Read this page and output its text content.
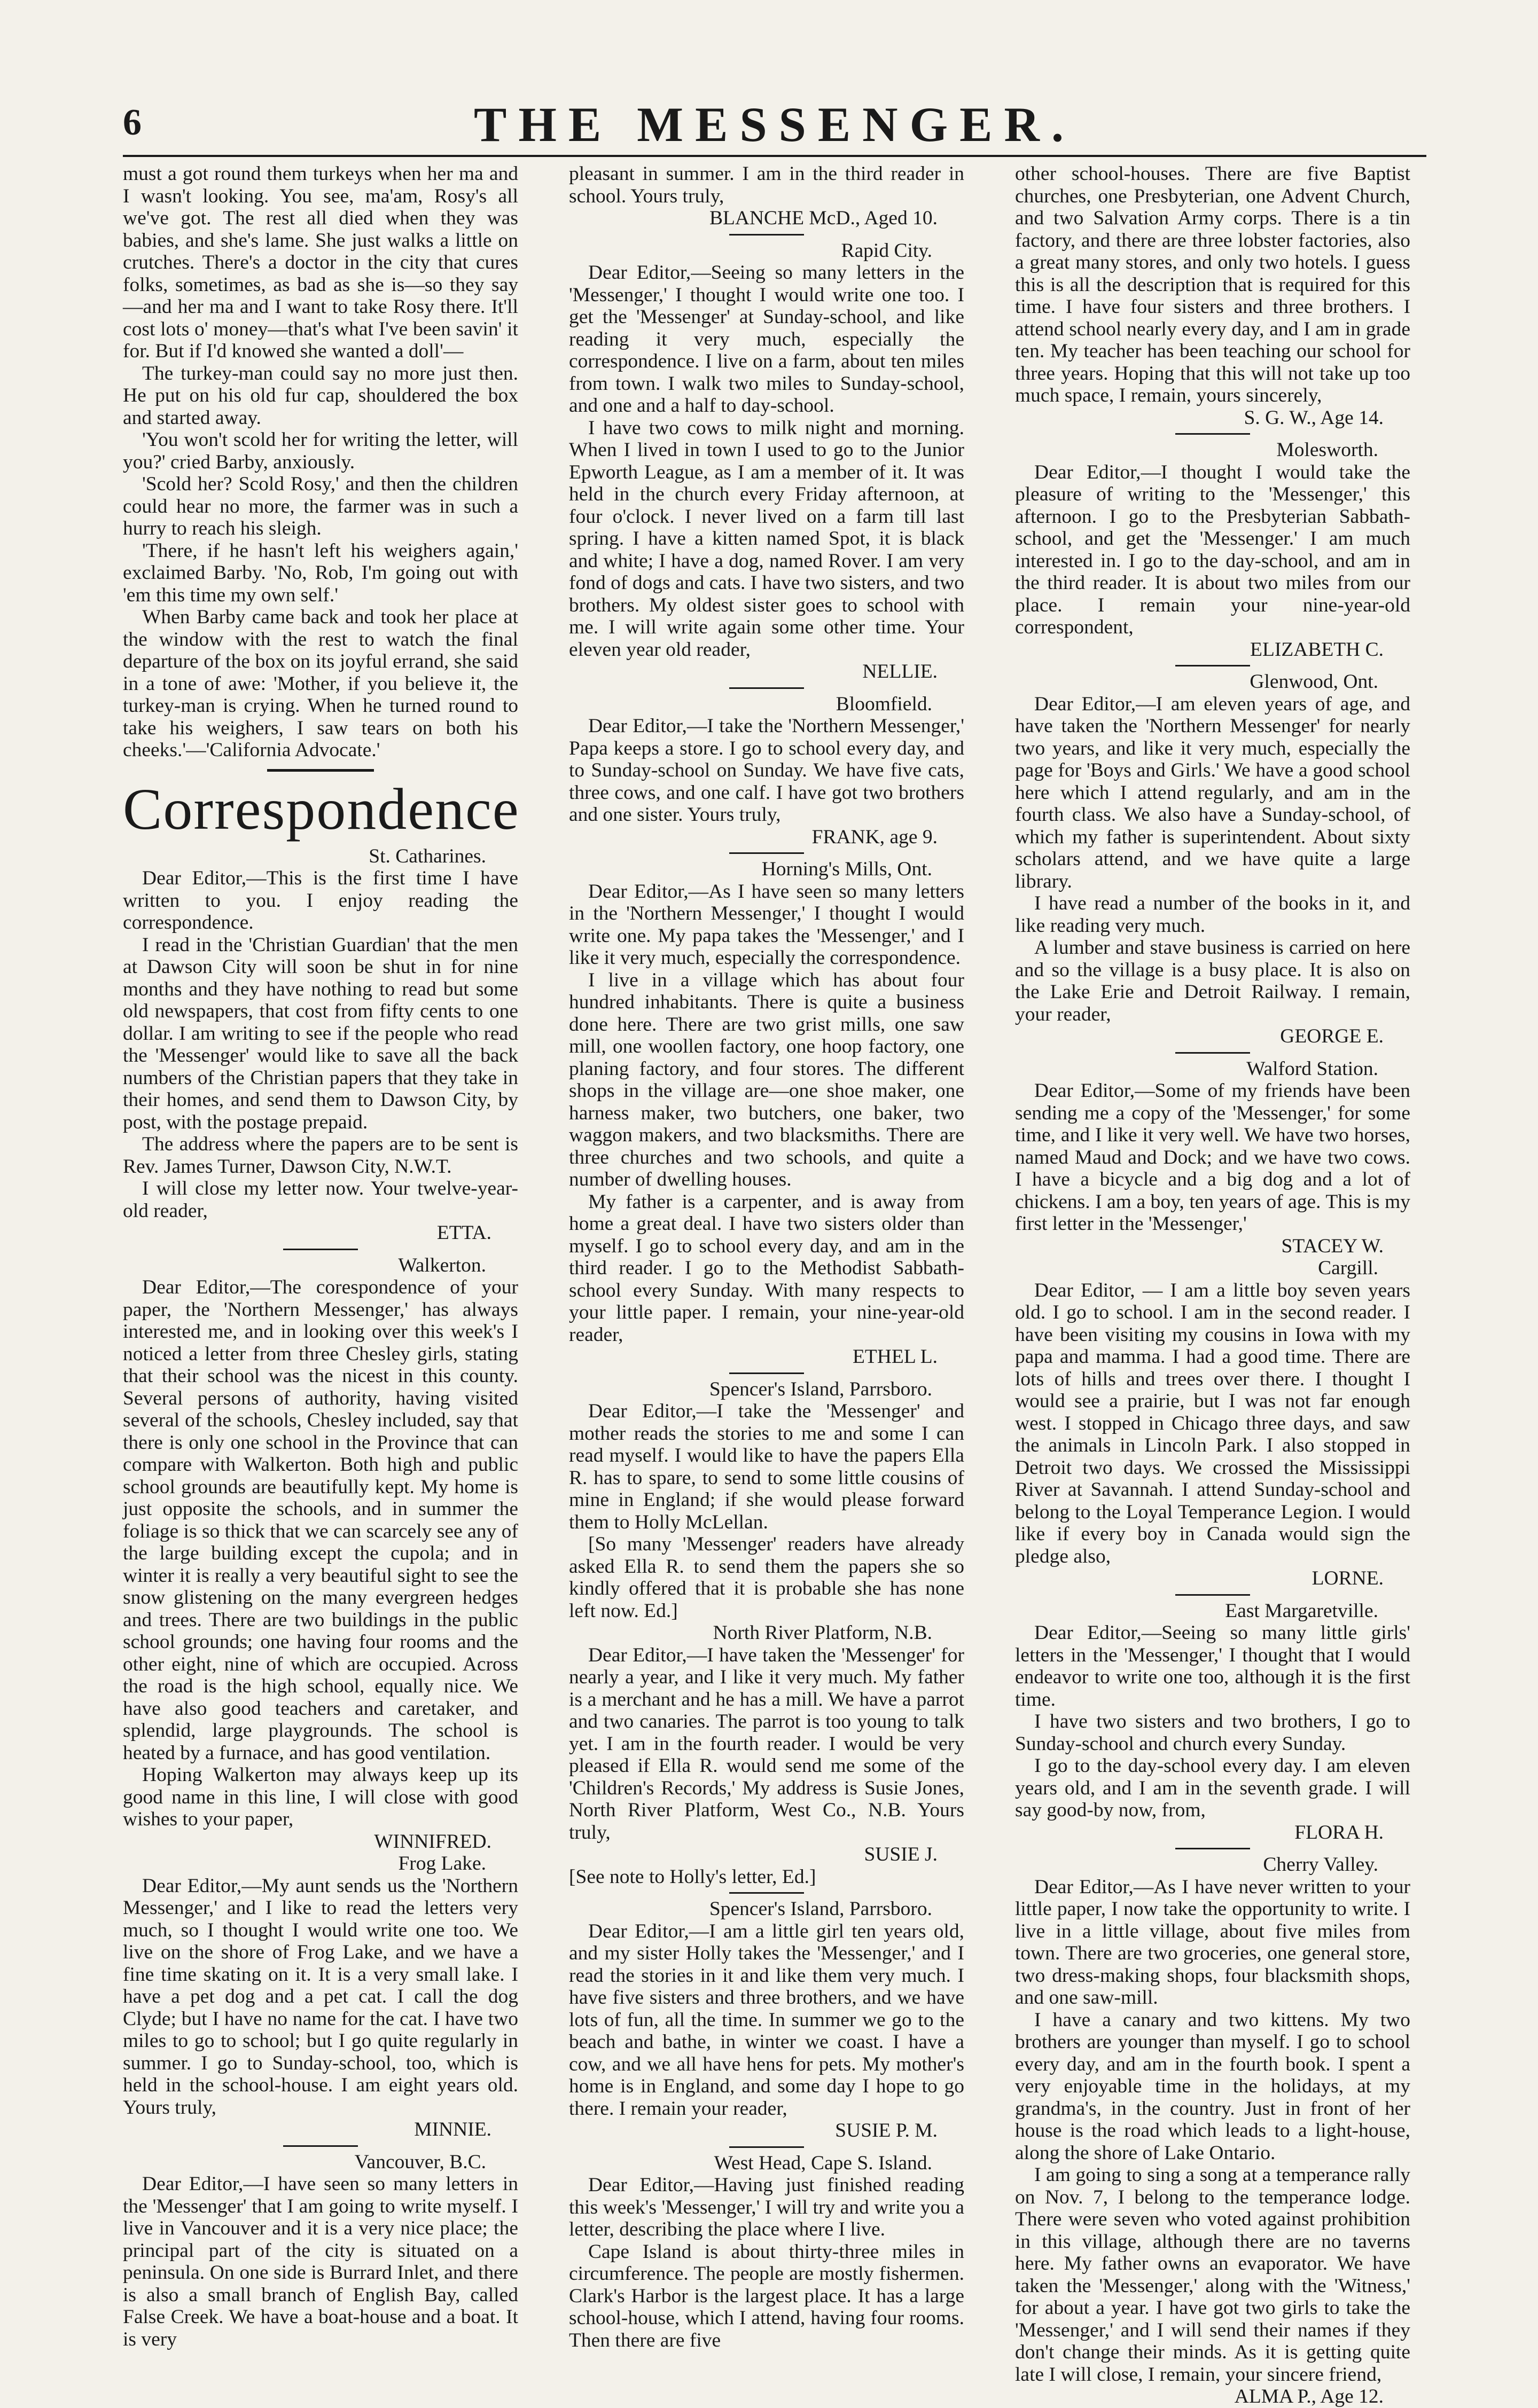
6	THE MESSENGER.

must a got round them turkeys when her ma and I wasn't looking. You see, ma'am, Rosy's all we've got. The rest all died when they was babies, and she's lame. She just walks a little on crutches. There's a doctor in the city that cures folks, sometimes, as bad as she is—so they say—and her ma and I want to take Rosy there. It'll cost lots o' money—that's what I've been savin' it for. But if I'd knowed she wanted a doll'—

The turkey-man could say no more just then. He put on his old fur cap, shouldered the box and started away.

'You won't scold her for writing the letter, will you?' cried Barby, anxiously.

'Scold her? Scold Rosy,' and then the children could hear no more, the farmer was in such a hurry to reach his sleigh.

'There, if he hasn't left his weighers again,' exclaimed Barby. 'No, Rob, I'm going out with 'em this time my own self.'

When Barby came back and took her place at the window with the rest to watch the final departure of the box on its joyful errand, she said in a tone of awe: 'Mother, if you believe it, the turkey-man is crying. When he turned round to take his weighers, I saw tears on both his cheeks.'—'California Advocate.'

Correspondence

St. Catharines.

Dear Editor,—This is the first time I have written to you. I enjoy reading the correspondence.

I read in the 'Christian Guardian' that the men at Dawson City will soon be shut in for nine months and they have nothing to read but some old newspapers, that cost from fifty cents to one dollar. I am writing to see if the people who read the 'Messenger' would like to save all the back numbers of the Christian papers that they take in their homes, and send them to Dawson City, by post, with the postage prepaid.

The address where the papers are to be sent is Rev. James Turner, Dawson City, N.W.T.

I will close my letter now. Your twelve-year-old reader,

ETTA.

Walkerton.

Dear Editor,—The corespondence of your paper, the 'Northern Messenger,' has always interested me, and in looking over this week's I noticed a letter from three Chesley girls, stating that their school was the nicest in this county. Several persons of authority, having visited several of the schools, Chesley included, say that there is only one school in the Province that can compare with Walkerton. Both high and public school grounds are beautifully kept. My home is just opposite the schools, and in summer the foliage is so thick that we can scarcely see any of the large building except the cupola; and in winter it is really a very beautiful sight to see the snow glistening on the many evergreen hedges and trees. There are two buildings in the public school grounds; one having four rooms and the other eight, nine of which are occupied. Across the road is the high school, equally nice. We have also good teachers and caretaker, and splendid, large playgrounds. The school is heated by a furnace, and has good ventilation.

Hoping Walkerton may always keep up its good name in this line, I will close with good wishes to your paper,

WINNIFRED.

Frog Lake.

Dear Editor,—My aunt sends us the 'Northern Messenger,' and I like to read the letters very much, so I thought I would write one too. We live on the shore of Frog Lake, and we have a fine time skating on it. It is a very small lake. I have a pet dog and a pet cat. I call the dog Clyde; but I have no name for the cat. I have two miles to go to school; but I go quite regularly in summer. I go to Sunday-school, too, which is held in the school-house. I am eight years old. Yours truly,

MINNIE.

Vancouver, B.C.

Dear Editor,—I have seen so many letters in the 'Messenger' that I am going to write myself. I live in Vancouver and it is a very nice place; the principal part of the city is situated on a peninsula. On one side is Burrard Inlet, and there is also a small branch of English Bay, called False Creek. We have a boat-house and a boat. It is very

pleasant in summer. I am in the third reader in school. Yours truly,

BLANCHE McD., Aged 10.

Rapid City.

Dear Editor,—Seeing so many letters in the 'Messenger,' I thought I would write one too. I get the 'Messenger' at Sunday-school, and like reading it very much, especially the correspondence. I live on a farm, about ten miles from town. I walk two miles to Sunday-school, and one and a half to day-school.

I have two cows to milk night and morning. When I lived in town I used to go to the Junior Epworth League, as I am a member of it. It was held in the church every Friday afternoon, at four o'clock. I never lived on a farm till last spring. I have a kitten named Spot, it is black and white; I have a dog, named Rover. I am very fond of dogs and cats. I have two sisters, and two brothers. My oldest sister goes to school with me. I will write again some other time. Your eleven year old reader,

NELLIE.

Bloomfield.

Dear Editor,—I take the 'Northern Messenger,' Papa keeps a store. I go to school every day, and to Sunday-school on Sunday. We have five cats, three cows, and one calf. I have got two brothers and one sister. Yours truly,

FRANK, age 9.

Horning's Mills, Ont.

Dear Editor,—As I have seen so many letters in the 'Northern Messenger,' I thought I would write one. My papa takes the 'Messenger,' and I like it very much, especially the correspondence.

I live in a village which has about four hundred inhabitants. There is quite a business done here. There are two grist mills, one saw mill, one woollen factory, one hoop factory, one planing factory, and four stores. The different shops in the village are—one shoe maker, one harness maker, two butchers, one baker, two waggon makers, and two blacksmiths. There are three churches and two schools, and quite a number of dwelling houses.

My father is a carpenter, and is away from home a great deal. I have two sisters older than myself. I go to school every day, and am in the third reader. I go to the Methodist Sabbath-school every Sunday. With many respects to your little paper. I remain, your nine-year-old reader,

ETHEL L.

Spencer's Island, Parrsboro.

Dear Editor,—I take the 'Messenger' and mother reads the stories to me and some I can read myself. I would like to have the papers Ella R. has to spare, to send to some little cousins of mine in England; if she would please forward them to Holly McLellan.

[So many 'Messenger' readers have already asked Ella R. to send them the papers she so kindly offered that it is probable she has none left now. Ed.]

North River Platform, N.B.

Dear Editor,—I have taken the 'Messenger' for nearly a year, and I like it very much. My father is a merchant and he has a mill. We have a parrot and two canaries. The parrot is too young to talk yet. I am in the fourth reader. I would be very pleased if Ella R. would send me some of the 'Children's Records,' My address is Susie Jones, North River Platform, West Co., N.B. Yours truly,

SUSIE J.

[See note to Holly's letter, Ed.]

Spencer's Island, Parrsboro.

Dear Editor,—I am a little girl ten years old, and my sister Holly takes the 'Messenger,' and I read the stories in it and like them very much. I have five sisters and three brothers, and we have lots of fun, all the time. In summer we go to the beach and bathe, in winter we coast. I have a cow, and we all have hens for pets. My mother's home is in England, and some day I hope to go there. I remain your reader,

SUSIE P. M.

West Head, Cape S. Island.

Dear Editor,—Having just finished reading this week's 'Messenger,' I will try and write you a letter, describing the place where I live.

Cape Island is about thirty-three miles in circumference. The people are mostly fishermen. Clark's Harbor is the largest place. It has a large school-house, which I attend, having four rooms. Then there are five

other school-houses. There are five Baptist churches, one Presbyterian, one Advent Church, and two Salvation Army corps. There is a tin factory, and there are three lobster factories, also a great many stores, and only two hotels. I guess this is all the description that is required for this time. I have four sisters and three brothers. I attend school nearly every day, and I am in grade ten. My teacher has been teaching our school for three years. Hoping that this will not take up too much space, I remain, yours sincerely,

S. G. W., Age 14.

Molesworth.

Dear Editor,—I thought I would take the pleasure of writing to the 'Messenger,' this afternoon. I go to the Presbyterian Sabbath-school, and get the 'Messenger.' I am much interested in. I go to the day-school, and am in the third reader. It is about two miles from our place. I remain your nine-year-old correspondent,

ELIZABETH C.

Glenwood, Ont.

Dear Editor,—I am eleven years of age, and have taken the 'Northern Messenger' for nearly two years, and like it very much, especially the page for 'Boys and Girls.' We have a good school here which I attend regularly, and am in the fourth class. We also have a Sunday-school, of which my father is superintendent. About sixty scholars attend, and we have quite a large library.

I have read a number of the books in it, and like reading very much.

A lumber and stave business is carried on here and so the village is a busy place. It is also on the Lake Erie and Detroit Railway. I remain, your reader,

GEORGE E.

Walford Station.

Dear Editor,—Some of my friends have been sending me a copy of the 'Messenger,' for some time, and I like it very well. We have two horses, named Maud and Dock; and we have two cows. I have a bicycle and a big dog and a lot of chickens. I am a boy, ten years of age. This is my first letter in the 'Messenger,'

STACEY W.

Cargill.

Dear Editor, — I am a little boy seven years old. I go to school. I am in the second reader. I have been visiting my cousins in Iowa with my papa and mamma. I had a good time. There are lots of hills and trees over there. I thought I would see a prairie, but I was not far enough west. I stopped in Chicago three days, and saw the animals in Lincoln Park. I also stopped in Detroit two days. We crossed the Mississippi River at Savannah. I attend Sunday-school and belong to the Loyal Temperance Legion. I would like if every boy in Canada would sign the pledge also,

LORNE.

East Margaretville.

Dear Editor,—Seeing so many little girls' letters in the 'Messenger,' I thought that I would endeavor to write one too, although it is the first time.

I have two sisters and two brothers, I go to Sunday-school and church every Sunday.

I go to the day-school every day. I am eleven years old, and I am in the seventh grade. I will say good-by now, from,

FLORA H.

Cherry Valley.

Dear Editor,—As I have never written to your little paper, I now take the opportunity to write. I live in a little village, about five miles from town. There are two groceries, one general store, two dress-making shops, four blacksmith shops, and one saw-mill.

I have a canary and two kittens. My two brothers are younger than myself. I go to school every day, and am in the fourth book. I spent a very enjoyable time in the holidays, at my grandma's, in the country. Just in front of her house is the road which leads to a light-house, along the shore of Lake Ontario.

I am going to sing a song at a temperance rally on Nov. 7, I belong to the temperance lodge. There were seven who voted against prohibition in this village, although there are no taverns here. My father owns an evaporator. We have taken the 'Messenger,' along with the 'Witness,' for about a year. I have got two girls to take the 'Messenger,' and I will send their names if they don't change their minds. As it is getting quite late I will close, I remain, your sincere friend,

ALMA P., Age 12.
